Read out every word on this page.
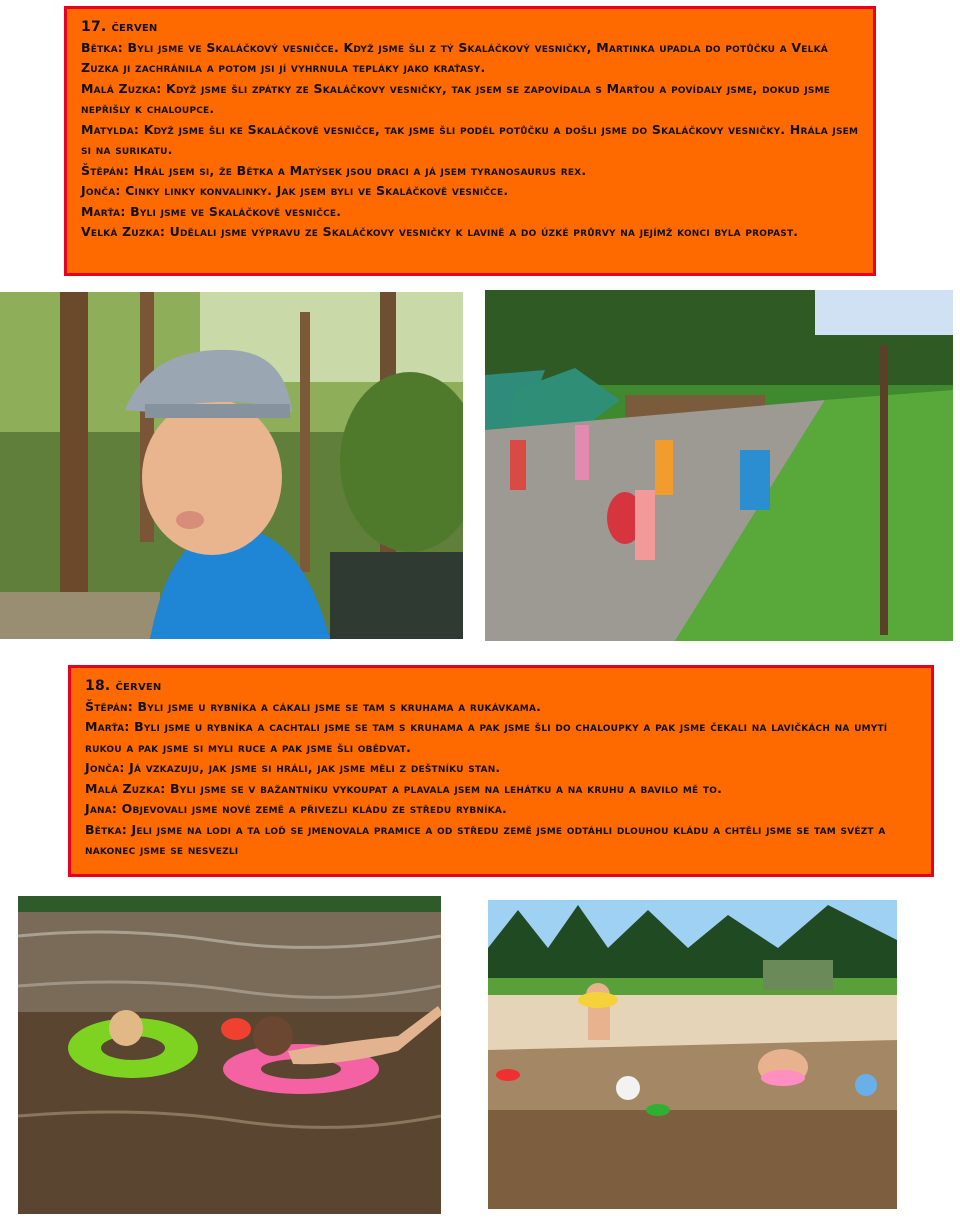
17. červen

Bětka: Byli jsme ve Skaláčkový vesničce. Když jsme šli z tý Skaláčkový vesničky, Martinka upadla do potůčku a Velká Zuzka ji zachránila a potom jsi jí vyhrnula tepláky jako kraťasy.

Malá Zuzka: Když jsme šli zpátky ze Skaláčkovy vesničky, tak jsem se zapovídala s Marťou a povídaly jsme, dokud jsme nepřišly k chaloupce.

Matylda: Když jsme šli ke Skaláčkově vesničce, tak jsme šli podél potůčku a došli jsme do Skaláčkovy vesničky. Hrála jsem si na surikatu.

Štěpán: Hrál jsem si, že Bětka a Matýsek jsou draci a já jsem tyranosaurus rex.

Jonča: Cinky linky konvalinky. Jak jsem byli ve Skaláčkově vesničce.

Marťa: Byli jsme ve Skaláčkově vesničce.

Velká Zuzka: Udělali jsme výpravu ze Skaláčkovy vesničky k lavině a do úzké průrvy na jejímž konci byla propast.

18. červen

Štěpán: Byli jsme u rybníka a cákali jsme se tam s kruhama a rukávkama.

Marťa: Byli jsme u rybníka a cachtali jsme se tam s kruhama a pak jsme šli do chaloupky a pak jsme čekali na lavičkách na umytí rukou a pak jsme si myli ruce a pak jsme šli obědvat.

Jonča: Já vzkazuju, jak jsme si hráli, jak jsme měli z deštníku stan.

Malá Zuzka: Byli jsme se v bažantníku vykoupat a plavala jsem na lehátku a na kruhu a bavilo mě to.

Jana: Objevovali jsme nové země a přivezli kládu ze středu rybníka.

Bětka: Jeli jsme na lodi a ta loď se jmenovala pramice a od středu země jsme odtáhli dlouhou kládu a chtěli jsme se tam svézt a nakonec jsme se nesvezli
